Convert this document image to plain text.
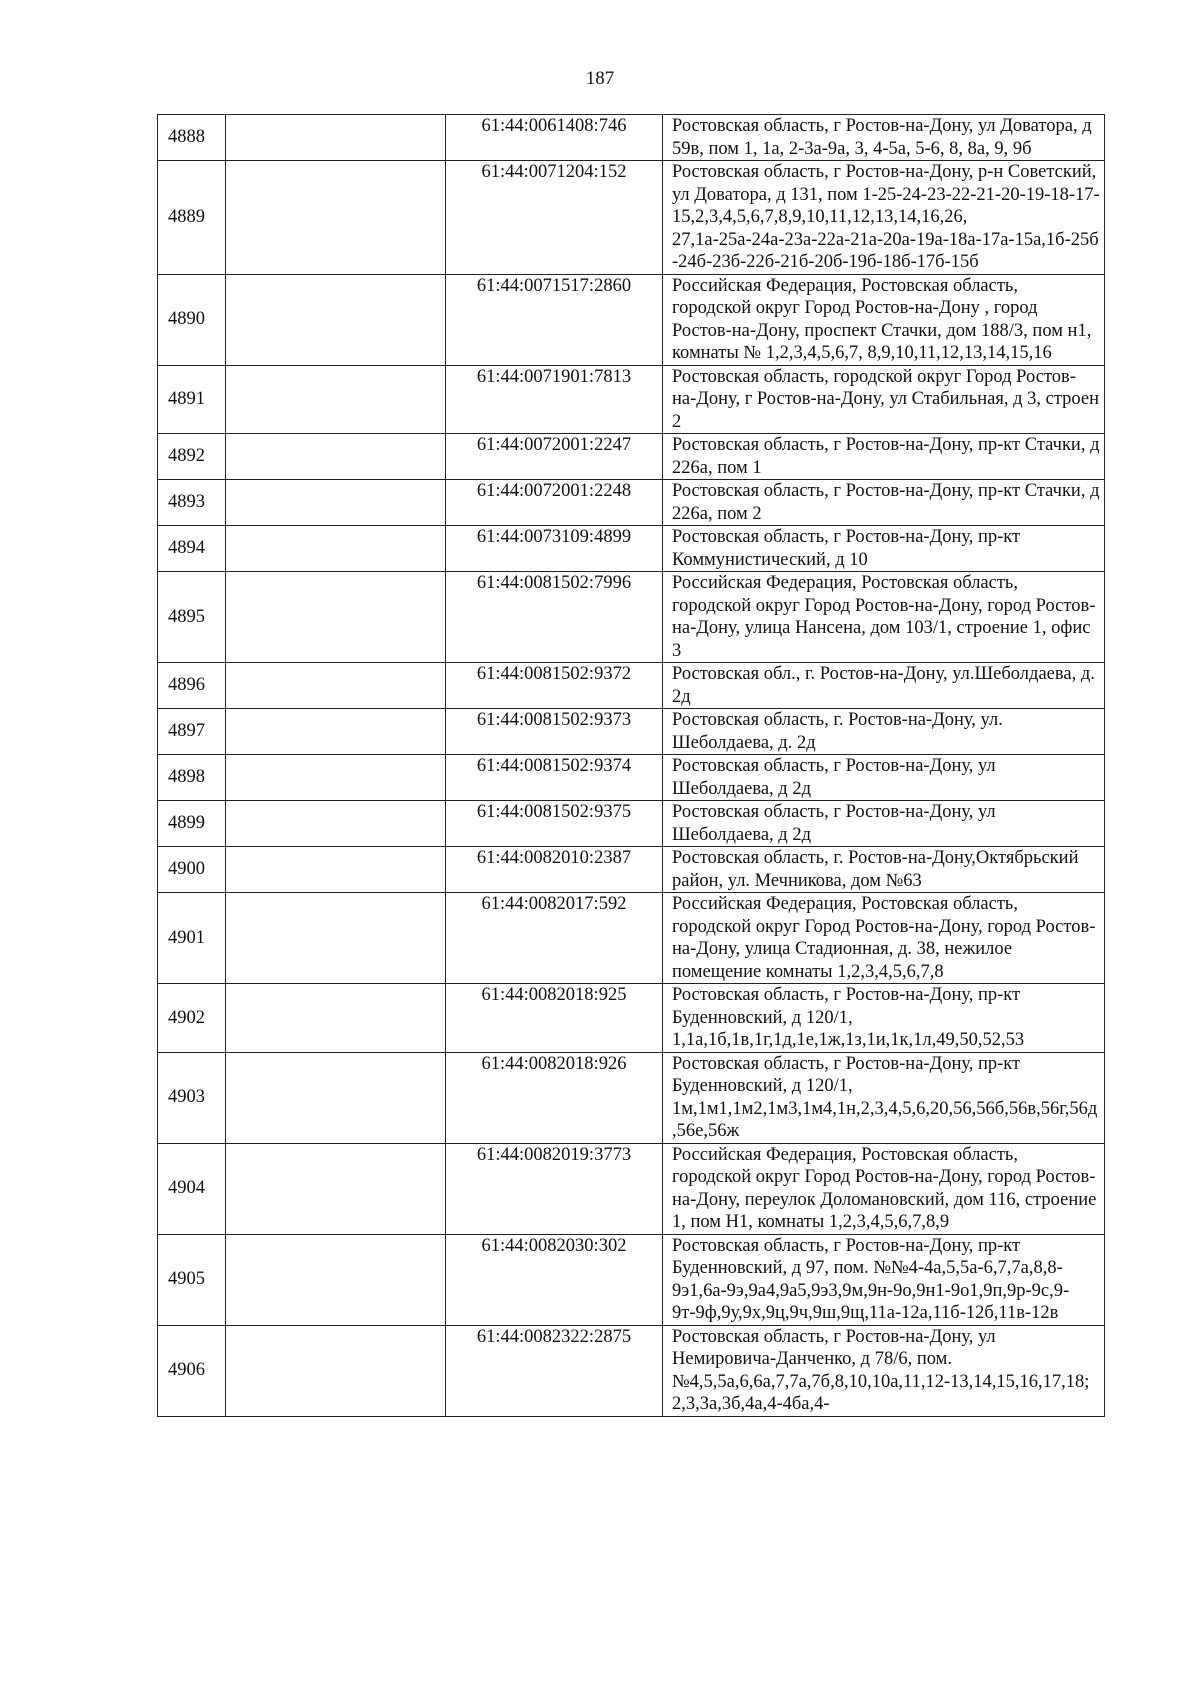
187
4888		61:44:0061408:746	Ростовская область, г Ростов-на-Дону, ул Доватора, д 59в, пом 1, 1а, 2-3а-9а, 3, 4-5а, 5-6, 8, 8а, 9, 9б
4889		61:44:0071204:152	Ростовская область, г Ростов-на-Дону, р-н Советский, ул Доватора, д 131, пом 1-25-24-23-22-21-20-19-18-17-15,2,3,4,5,6,7,8,9,10,11,12,13,14,16,26, 27,1а-25а-24а-23а-22а-21а-20а-19а-18а-17а-15а,1б-25б-24б-23б-22б-21б-20б-19б-18б-17б-15б
4890		61:44:0071517:2860	Российская Федерация, Ростовская область, городской округ Город Ростов-на-Дону , город Ростов-на-Дону, проспект Стачки, дом 188/3, пом н1, комнаты № 1,2,3,4,5,6,7, 8,9,10,11,12,13,14,15,16
4891		61:44:0071901:7813	Ростовская область, городской округ Город Ростов-на-Дону, г Ростов-на-Дону, ул Стабильная, д 3, строен 2
4892		61:44:0072001:2247	Ростовская область, г Ростов-на-Дону, пр-кт Стачки, д 226а, пом 1
4893		61:44:0072001:2248	Ростовская область, г Ростов-на-Дону, пр-кт Стачки, д 226а, пом 2
4894		61:44:0073109:4899	Ростовская область, г Ростов-на-Дону, пр-кт Коммунистический, д 10
4895		61:44:0081502:7996	Российская Федерация, Ростовская область, городской округ Город Ростов-на-Дону, город Ростов-на-Дону, улица Нансена, дом 103/1, строение 1, офис 3
4896		61:44:0081502:9372	Ростовская обл., г. Ростов-на-Дону, ул.Шеболдаева, д. 2д
4897		61:44:0081502:9373	Ростовская область, г. Ростов-на-Дону, ул. Шеболдаева, д. 2д
4898		61:44:0081502:9374	Ростовская область, г Ростов-на-Дону, ул Шеболдаева, д 2д
4899		61:44:0081502:9375	Ростовская область, г Ростов-на-Дону, ул Шеболдаева, д 2д
4900		61:44:0082010:2387	Ростовская область, г. Ростов-на-Дону,Октябрьский район, ул. Мечникова, дом №63
4901		61:44:0082017:592	Российская Федерация, Ростовская область, городской округ Город Ростов-на-Дону, город Ростов-на-Дону, улица Стадионная, д. 38, нежилое помещение комнаты 1,2,3,4,5,6,7,8
4902		61:44:0082018:925	Ростовская область, г Ростов-на-Дону, пр-кт Буденновский, д 120/1, 1,1а,1б,1в,1г,1д,1е,1ж,1з,1и,1к,1л,49,50,52,53
4903		61:44:0082018:926	Ростовская область, г Ростов-на-Дону, пр-кт Буденновский, д 120/1, 1м,1м1,1м2,1м3,1м4,1н,2,3,4,5,6,20,56,56б,56в,56г,56д,56е,56ж
4904		61:44:0082019:3773	Российская Федерация, Ростовская область, городской округ Город Ростов-на-Дону, город Ростов-на-Дону, переулок Доломановский, дом 116, строение 1, пом Н1, комнаты 1,2,3,4,5,6,7,8,9
4905		61:44:0082030:302	Ростовская область, г Ростов-на-Дону, пр-кт Буденновский, д 97, пом. №№4-4а,5,5а-6,7,7а,8,8-9э1,6а-9э,9а4,9а5,9э3,9м,9н-9о,9н1-9о1,9п,9р-9с,9-9т-9ф,9у,9х,9ц,9ч,9ш,9щ,11а-12а,11б-12б,11в-12в
4906		61:44:0082322:2875	Ростовская область, г Ростов-на-Дону, ул Немировича-Данченко, д 78/6, пом.№4,5,5а,6,6а,7,7а,7б,8,10,10а,11,12-13,14,15,16,17,18; 2,3,3а,3б,4а,4-4ба,4-
